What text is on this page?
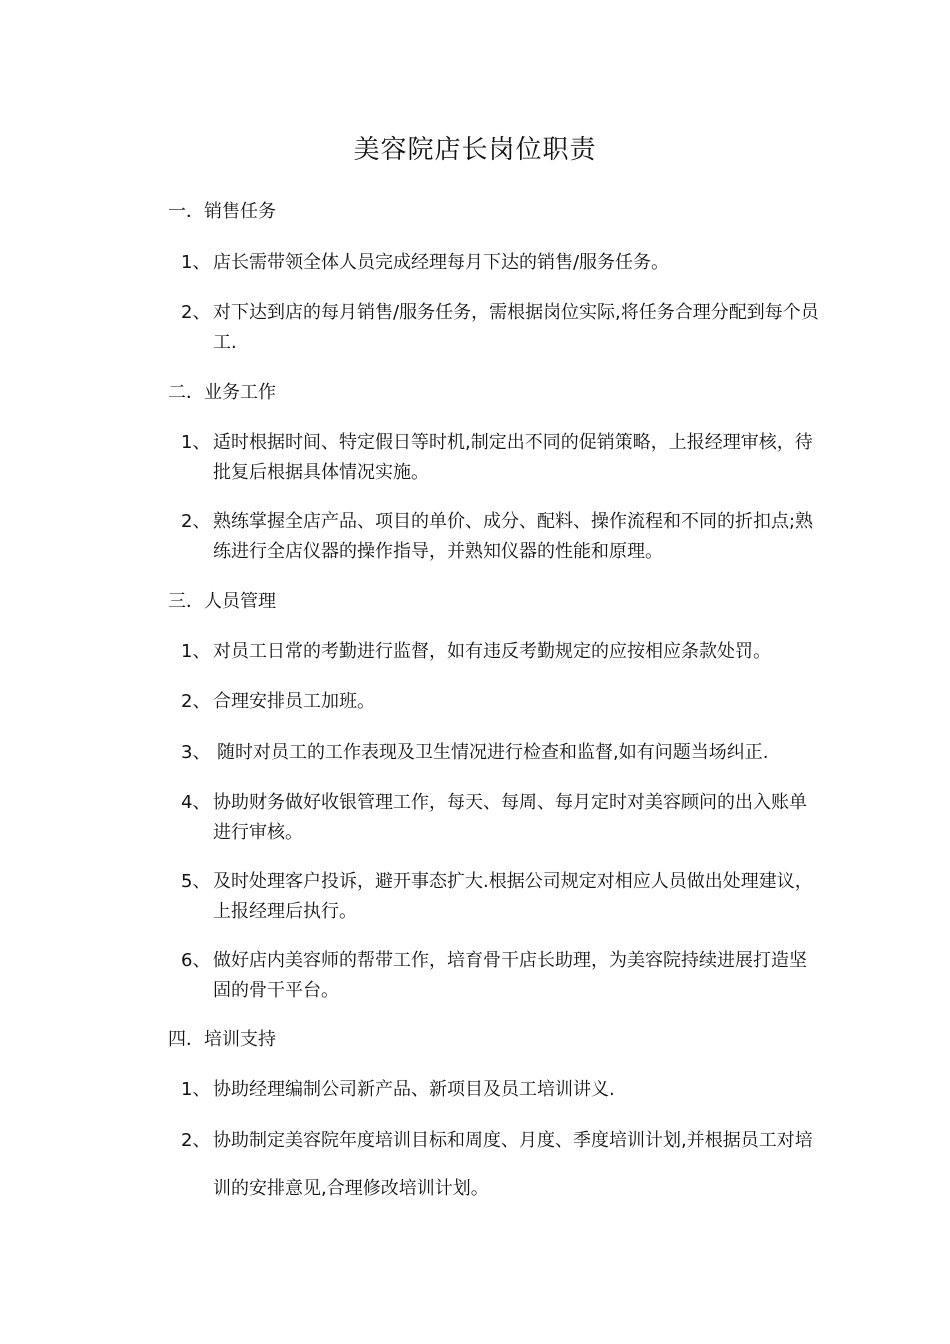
美容院店长岗位职责
一．销售任务
1、 店长需带领全体人员完成经理每月下达的销售/服务任务。
2、 对下达到店的每月销售/服务任务，需根据岗位实际,将任务合理分配到每个员工.
二．业务工作
1、 适时根据时间、特定假日等时机,制定出不同的促销策略，上报经理审核，待批复后根据具体情况实施。
2、 熟练掌握全店产品、项目的单价、成分、配料、操作流程和不同的折扣点;熟练进行全店仪器的操作指导，并熟知仪器的性能和原理。
三．人员管理
1、 对员工日常的考勤进行监督，如有违反考勤规定的应按相应条款处罚。
2、 合理安排员工加班。
3、 随时对员工的工作表现及卫生情况进行检查和监督,如有问题当场纠正.
4、 协助财务做好收银管理工作，每天、每周、每月定时对美容顾问的出入账单进行审核。
5、 及时处理客户投诉，避开事态扩大.根据公司规定对相应人员做出处理建议，上报经理后执行。
6、 做好店内美容师的帮带工作，培育骨干店长助理，为美容院持续进展打造坚固的骨干平台。
四．培训支持
1、 协助经理编制公司新产品、新项目及员工培训讲义.
2、 协助制定美容院年度培训目标和周度、月度、季度培训计划,并根据员工对培训的安排意见,合理修改培训计划。
